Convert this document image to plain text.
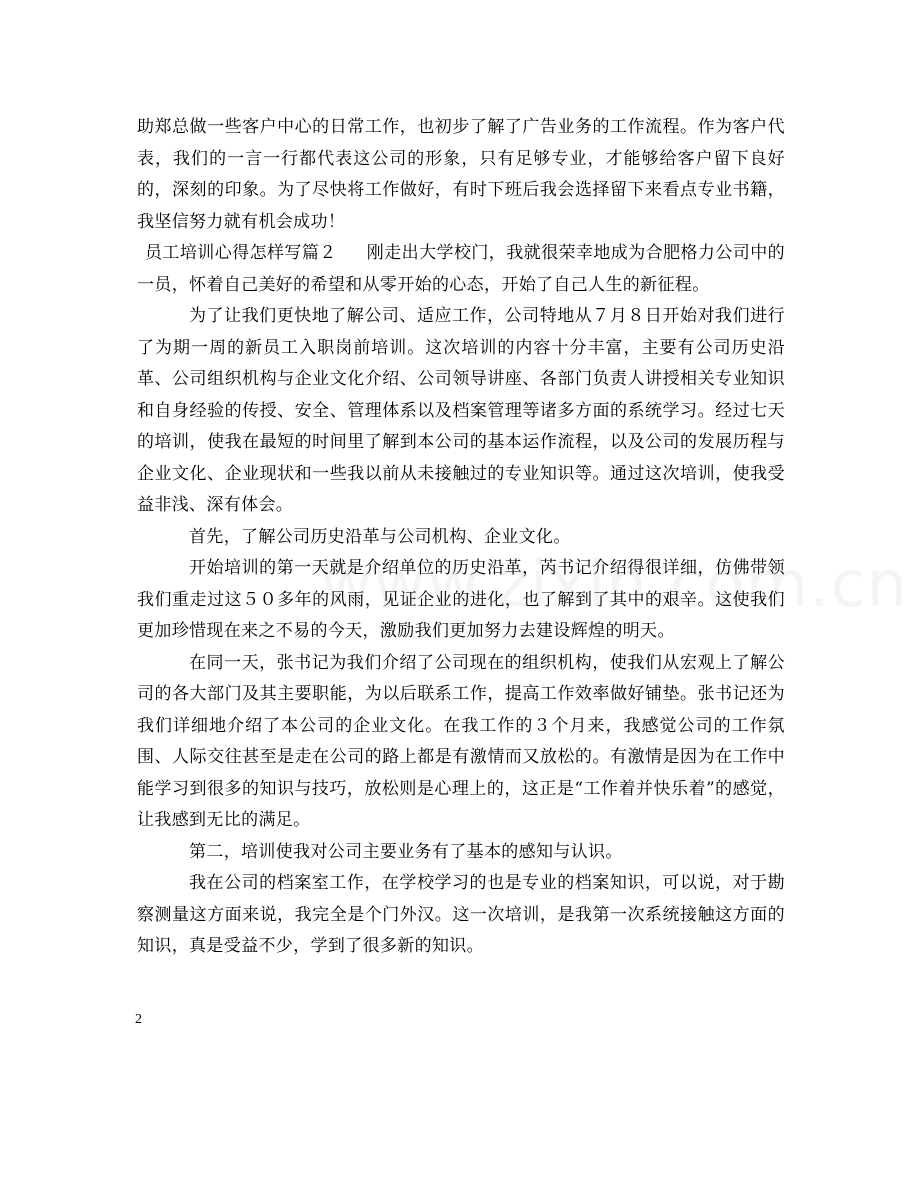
助郑总做一些客户中心的日常工作，也初步了解了广告业务的工作流程。作为客户代表，我们的一言一行都代表这公司的形象，只有足够专业，才能够给客户留下良好的，深刻的印象。为了尽快将工作做好，有时下班后我会选择留下来看点专业书籍，我坚信努力就有机会成功！

员工培训心得怎样写篇２ 刚走出大学校门，我就很荣幸地成为合肥格力公司中的一员，怀着自己美好的希望和从零开始的心态，开始了自己人生的新征程。

为了让我们更快地了解公司、适应工作，公司特地从７月８日开始对我们进行了为期一周的新员工入职岗前培训。这次培训的内容十分丰富，主要有公司历史沿革、公司组织机构与企业文化介绍、公司领导讲座、各部门负责人讲授相关专业知识和自身经验的传授、安全、管理体系以及档案管理等诸多方面的系统学习。经过七天的培训，使我在最短的时间里了解到本公司的基本运作流程，以及公司的发展历程与企业文化、企业现状和一些我以前从未接触过的专业知识等。通过这次培训，使我受益非浅、深有体会。

首先，了解公司历史沿革与公司机构、企业文化。

开始培训的第一天就是介绍单位的历史沿革，芮书记介绍得很详细，仿佛带领我们重走过这５０多年的风雨，见证企业的进化，也了解到了其中的艰辛。这使我们更加珍惜现在来之不易的今天，激励我们更加努力去建设辉煌的明天。

在同一天，张书记为我们介绍了公司现在的组织机构，使我们从宏观上了解公司的各大部门及其主要职能，为以后联系工作，提高工作效率做好铺垫。张书记还为我们详细地介绍了本公司的企业文化。在我工作的３个月来，我感觉公司的工作氛围、人际交往甚至是走在公司的路上都是有激情而又放松的。有激情是因为在工作中能学习到很多的知识与技巧，放松则是心理上的，这正是“工作着并快乐着”的感觉，让我感到无比的满足。

第二，培训使我对公司主要业务有了基本的感知与认识。

我在公司的档案室工作，在学校学习的也是专业的档案知识，可以说，对于勘察测量这方面来说，我完全是个门外汉。这一次培训，是我第一次系统接触这方面的知识，真是受益不少，学到了很多新的知识。

2
